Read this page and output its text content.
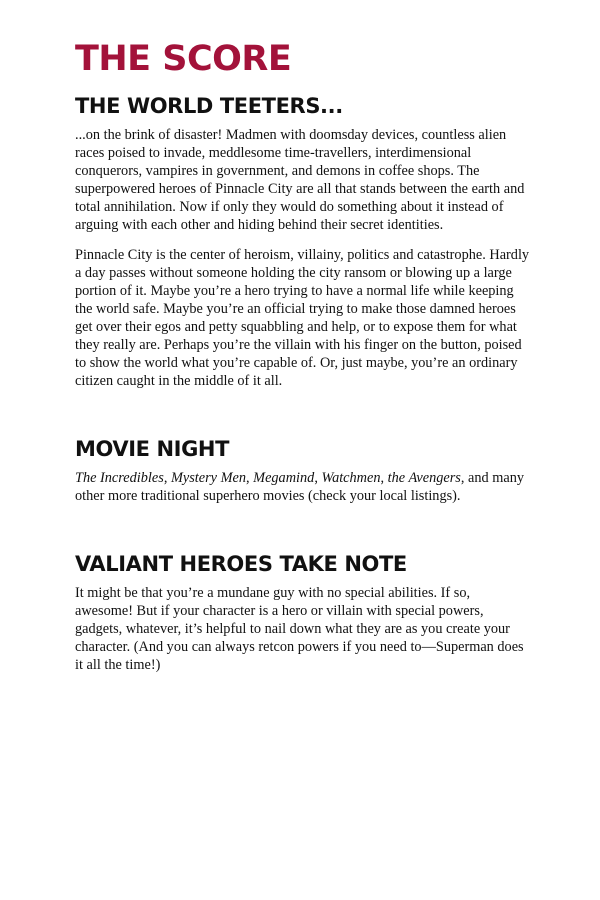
THE SCORE
THE WORLD TEETERS...

...on the brink of disaster! Madmen with doomsday devices, countless alien races poised to invade, meddlesome time-travellers, interdimensional conquerors, vampires in government, and demons in coffee shops. The superpowered heroes of Pinnacle City are all that stands between the earth and total annihilation. Now if only they would do something about it instead of arguing with each other and hiding behind their secret identities.

Pinnacle City is the center of heroism, villainy, politics and catastrophe. Hardly a day passes without someone holding the city ransom or blowing up a large portion of it. Maybe you’re a hero trying to have a normal life while keeping the world safe. Maybe you’re an official trying to make those damned heroes get over their egos and petty squabbling and help, or to expose them for what they really are. Perhaps you’re the villain with his finger on the button, poised to show the world what you’re capable of. Or, just maybe, you’re an ordinary citizen caught in the middle of it all.

MOVIE NIGHT

The Incredibles, Mystery Men, Megamind, Watchmen, the Avengers, and many other more traditional superhero movies (check your local listings).

VALIANT HEROES TAKE NOTE

It might be that you’re a mundane guy with no special abilities. If so, awesome! But if your character is a hero or villain with special powers, gadgets, whatever, it’s helpful to nail down what they are as you create your character. (And you can always retcon powers if you need to—Superman does it all the time!)
